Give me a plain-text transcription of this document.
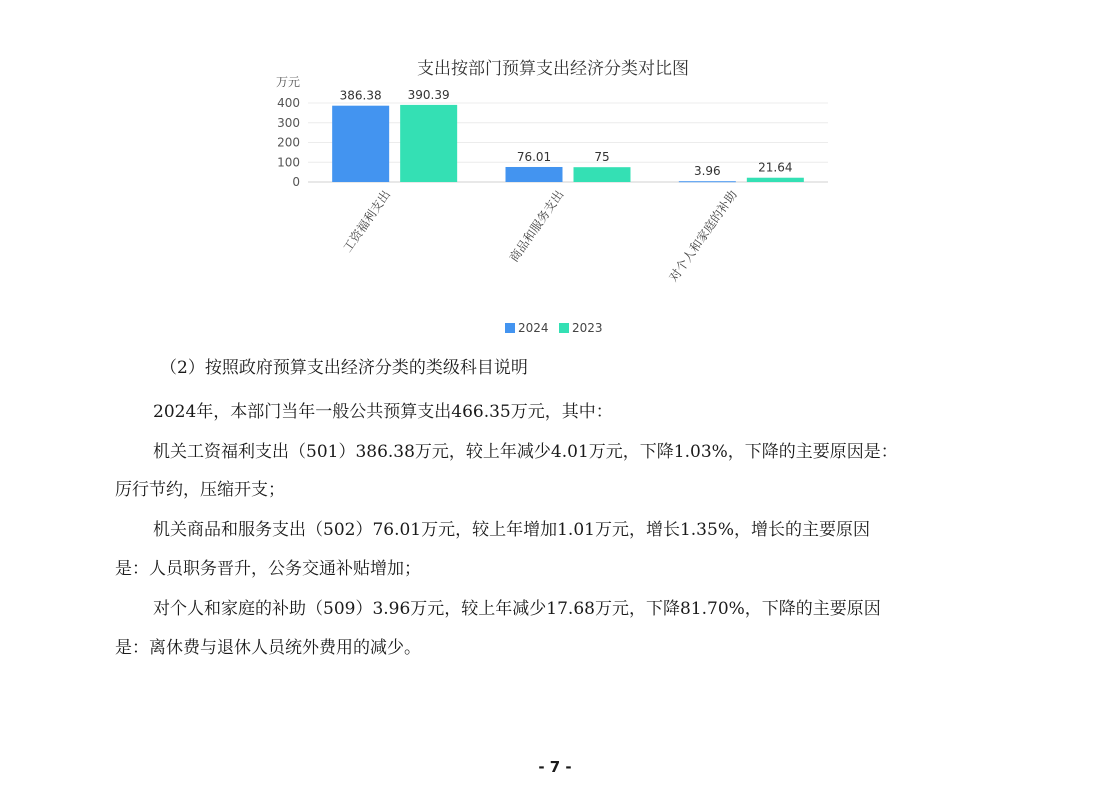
支出按部门预算支出经济分类对比图
万元
0
100
200
300
400
386.38 390.39
76.01	75
3.96	21.64
工资福利支出	商品和服务支出	对个人和家庭的补助
2024 2023
（2）按照政府预算支出经济分类的类级科目说明
2024年，本部门当年一般公共预算支出466.35万元，其中：
机关工资福利支出（501）386.38万元，较上年减少4.01万元，下降1.03%，下降的主要原因是：
厉行节约，压缩开支；
机关商品和服务支出（502）76.01万元，较上年增加1.01万元，增长1.35%，增长的主要原因
是：人员职务晋升，公务交通补贴增加；
对个人和家庭的补助（509）3.96万元，较上年减少17.68万元，下降81.70%，下降的主要原因
是：离休费与退休人员统外费用的减少。
- 7 -
